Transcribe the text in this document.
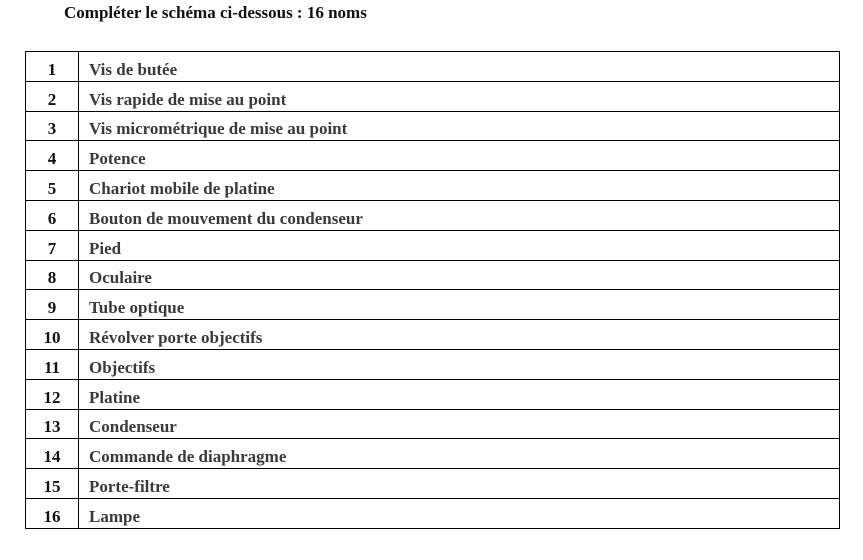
Compléter le schéma ci-dessous : 16 noms
1	Vis de butée
2	Vis rapide de mise au point
3	Vis micrométrique de mise au point
4	Potence
5	Chariot mobile de platine
6	Bouton de mouvement du condenseur
7	Pied
8	Oculaire
9	Tube optique
10	Révolver porte objectifs
11	Objectifs
12	Platine
13	Condenseur
14	Commande de diaphragme
15	Porte-filtre
16	Lampe
